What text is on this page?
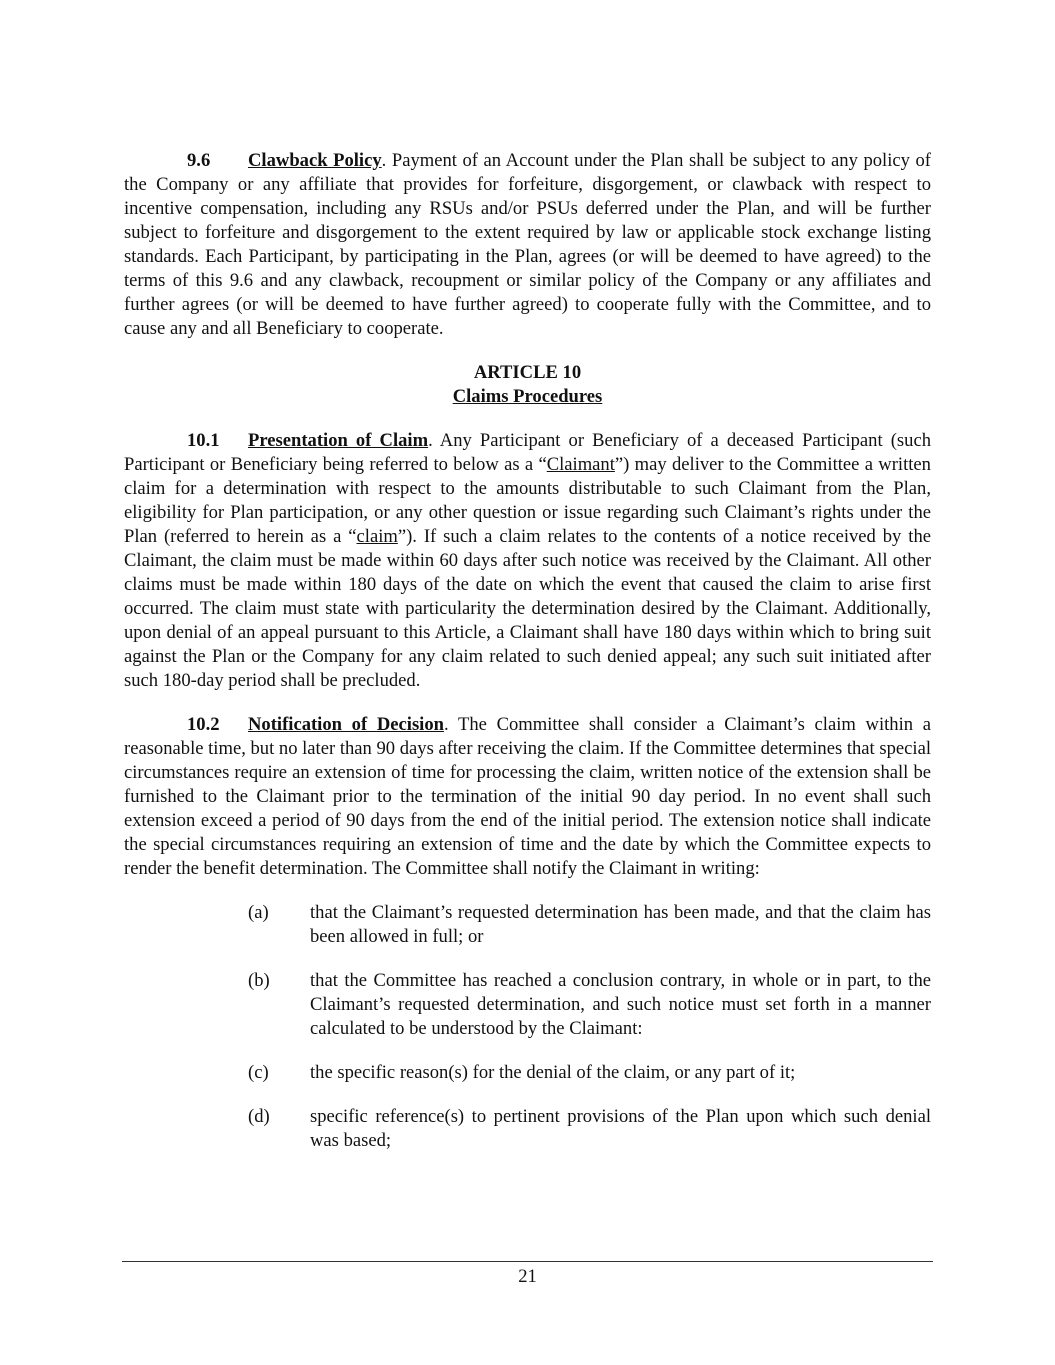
9.6 Clawback Policy. Payment of an Account under the Plan shall be subject to any policy of the Company or any affiliate that provides for forfeiture, disgorgement, or clawback with respect to incentive compensation, including any RSUs and/or PSUs deferred under the Plan, and will be further subject to forfeiture and disgorgement to the extent required by law or applicable stock exchange listing standards. Each Participant, by participating in the Plan, agrees (or will be deemed to have agreed) to the terms of this 9.6 and any clawback, recoupment or similar policy of the Company or any affiliates and further agrees (or will be deemed to have further agreed) to cooperate fully with the Committee, and to cause any and all Beneficiary to cooperate.

ARTICLE 10
Claims Procedures

10.1 Presentation of Claim. Any Participant or Beneficiary of a deceased Participant (such Participant or Beneficiary being referred to below as a “Claimant”) may deliver to the Committee a written claim for a determination with respect to the amounts distributable to such Claimant from the Plan, eligibility for Plan participation, or any other question or issue regarding such Claimant’s rights under the Plan (referred to herein as a “claim”). If such a claim relates to the contents of a notice received by the Claimant, the claim must be made within 60 days after such notice was received by the Claimant. All other claims must be made within 180 days of the date on which the event that caused the claim to arise first occurred. The claim must state with particularity the determination desired by the Claimant. Additionally, upon denial of an appeal pursuant to this Article, a Claimant shall have 180 days within which to bring suit against the Plan or the Company for any claim related to such denied appeal; any such suit initiated after such 180-day period shall be precluded.

10.2 Notification of Decision. The Committee shall consider a Claimant’s claim within a reasonable time, but no later than 90 days after receiving the claim. If the Committee determines that special circumstances require an extension of time for processing the claim, written notice of the extension shall be furnished to the Claimant prior to the termination of the initial 90 day period. In no event shall such extension exceed a period of 90 days from the end of the initial period. The extension notice shall indicate the special circumstances requiring an extension of time and the date by which the Committee expects to render the benefit determination. The Committee shall notify the Claimant in writing:

(a)	that the Claimant’s requested determination has been made, and that the claim has been allowed in full; or
(b)	that the Committee has reached a conclusion contrary, in whole or in part, to the Claimant’s requested determination, and such notice must set forth in a manner calculated to be understood by the Claimant:
(c)	the specific reason(s) for the denial of the claim, or any part of it;
(d)	specific reference(s) to pertinent provisions of the Plan upon which such denial was based;
21
